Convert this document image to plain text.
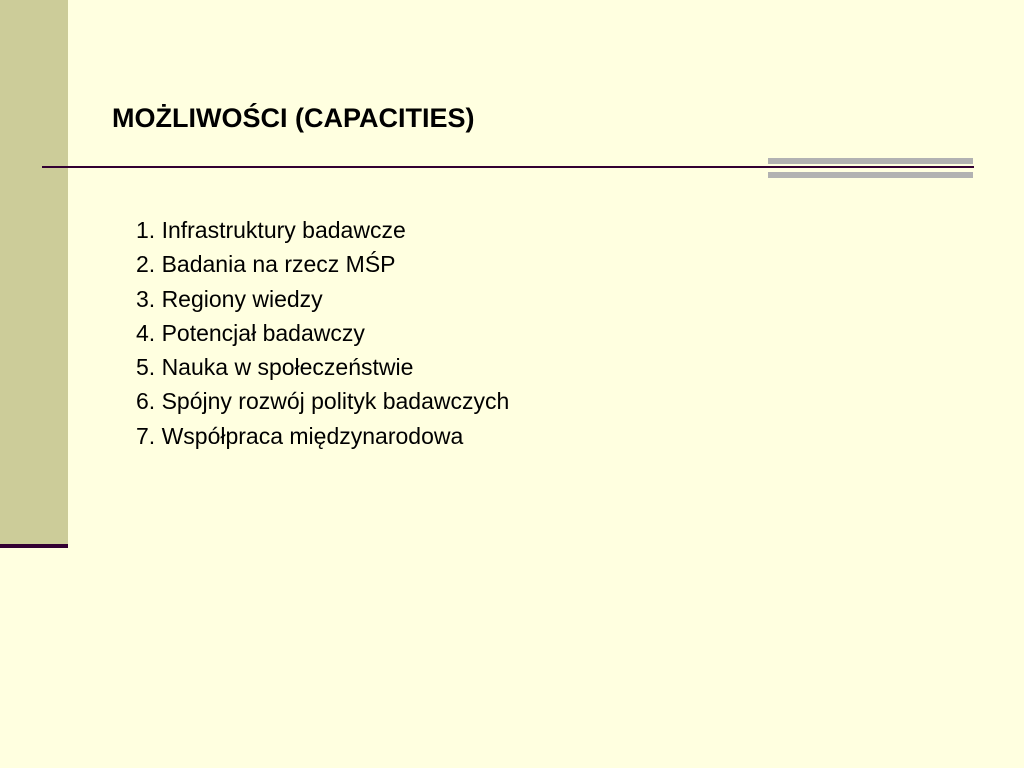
MOŻLIWOŚCI (CAPACITIES)
1. Infrastruktury badawcze
2. Badania na rzecz MŚP
3. Regiony wiedzy
4. Potencjał badawczy
5. Nauka w społeczeństwie
6. Spójny rozwój polityk badawczych
7. Współpraca międzynarodowa
